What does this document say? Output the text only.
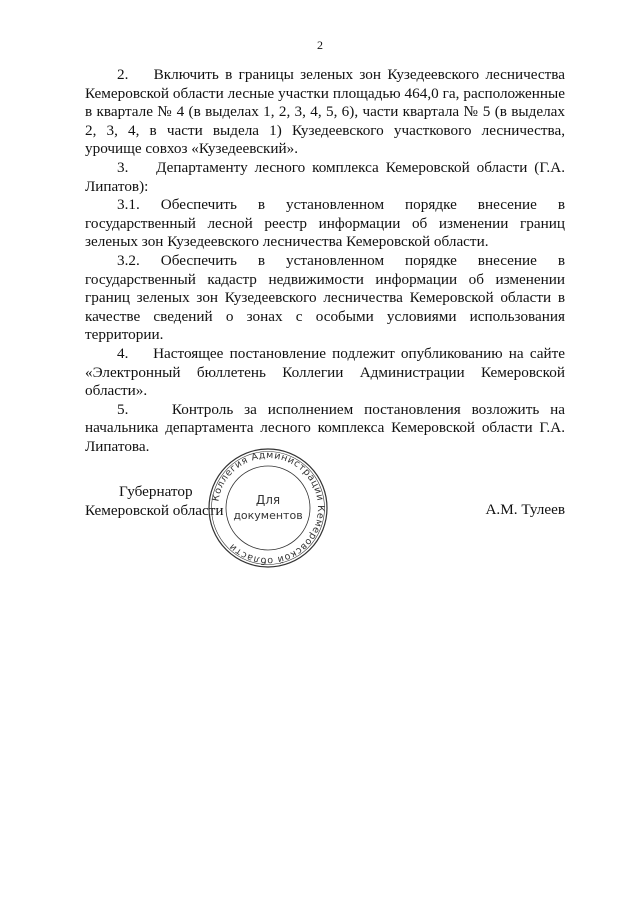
2

2.    Включить в границы зеленых зон Кузедеевского лесничества Кемеровской области лесные участки площадью 464,0 га, расположенные в квартале № 4 (в выделах 1, 2, 3, 4, 5, 6), части квартала № 5 (в выделах 2, 3, 4, в части выдела 1) Кузедеевского участкового лесничества, урочище совхоз «Кузедеевский».

3.    Департаменту лесного комплекса Кемеровской области (Г.А. Липатов):

3.1. Обеспечить в установленном порядке внесение в государственный лесной реестр информации об изменении границ зеленых зон Кузедеевского лесничества Кемеровской области.

3.2. Обеспечить в установленном порядке внесение в государственный кадастр недвижимости информации об изменении границ зеленых зон Кузедеевского лесничества Кемеровской области в качестве сведений о зонах с особыми условиями использования территории.

4.    Настоящее постановление подлежит опубликованию на сайте «Электронный бюллетень Коллегии Администрации Кемеровской области».

5.    Контроль за исполнением постановления возложить на начальника департамента лесного комплекса Кемеровской области Г.А. Липатова.

Губернатор
Кемеровской области	А.М. Тулеев
Коллегия Администрации Кемеровской области
Для
документов
